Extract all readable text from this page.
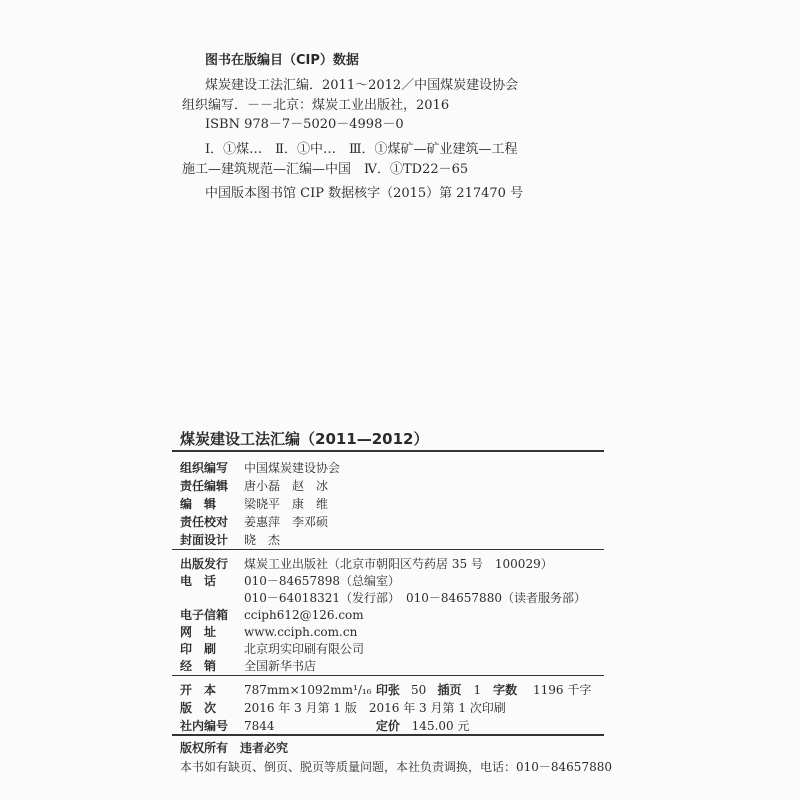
图书在版编目（CIP）数据
煤炭建设工法汇编．2011～2012／中国煤炭建设协会
组织编写．－－北京：煤炭工业出版社，2016
ISBN 978－7－5020－4998－0
Ⅰ．①煤…　Ⅱ．①中…　Ⅲ．①煤矿—矿业建筑—工程
施工—建筑规范—汇编—中国　Ⅳ．①TD22－65
中国版本图书馆 CIP 数据核字（2015）第 217470 号
煤炭建设工法汇编（2011—2012）
组织编写 中国煤炭建设协会
责任编辑 唐小磊　赵　冰
编　辑 梁晓平　康　维
责任校对 姜惠萍　李邓硕
封面设计 晓　杰
出版发行 煤炭工业出版社（北京市朝阳区芍药居 35 号　100029）
电　话 010－84657898（总编室）
010－64018321（发行部）　010－84657880（读者服务部）
电子信箱 cciph612@126.com
网　址 www.cciph.com.cn
印　刷 北京玥实印刷有限公司
经　销 全国新华书店
开　本 787mm×1092mm¹/₁₆ 印张 50 插页 1 字数 1196 千字
版　次 2016 年 3 月第 1 版　2016 年 3 月第 1 次印刷
社内编号 7844	定价 145.00 元
版权所有　违者必究
本书如有缺页、倒页、脱页等质量问题，本社负责调换，电话：010－84657880
